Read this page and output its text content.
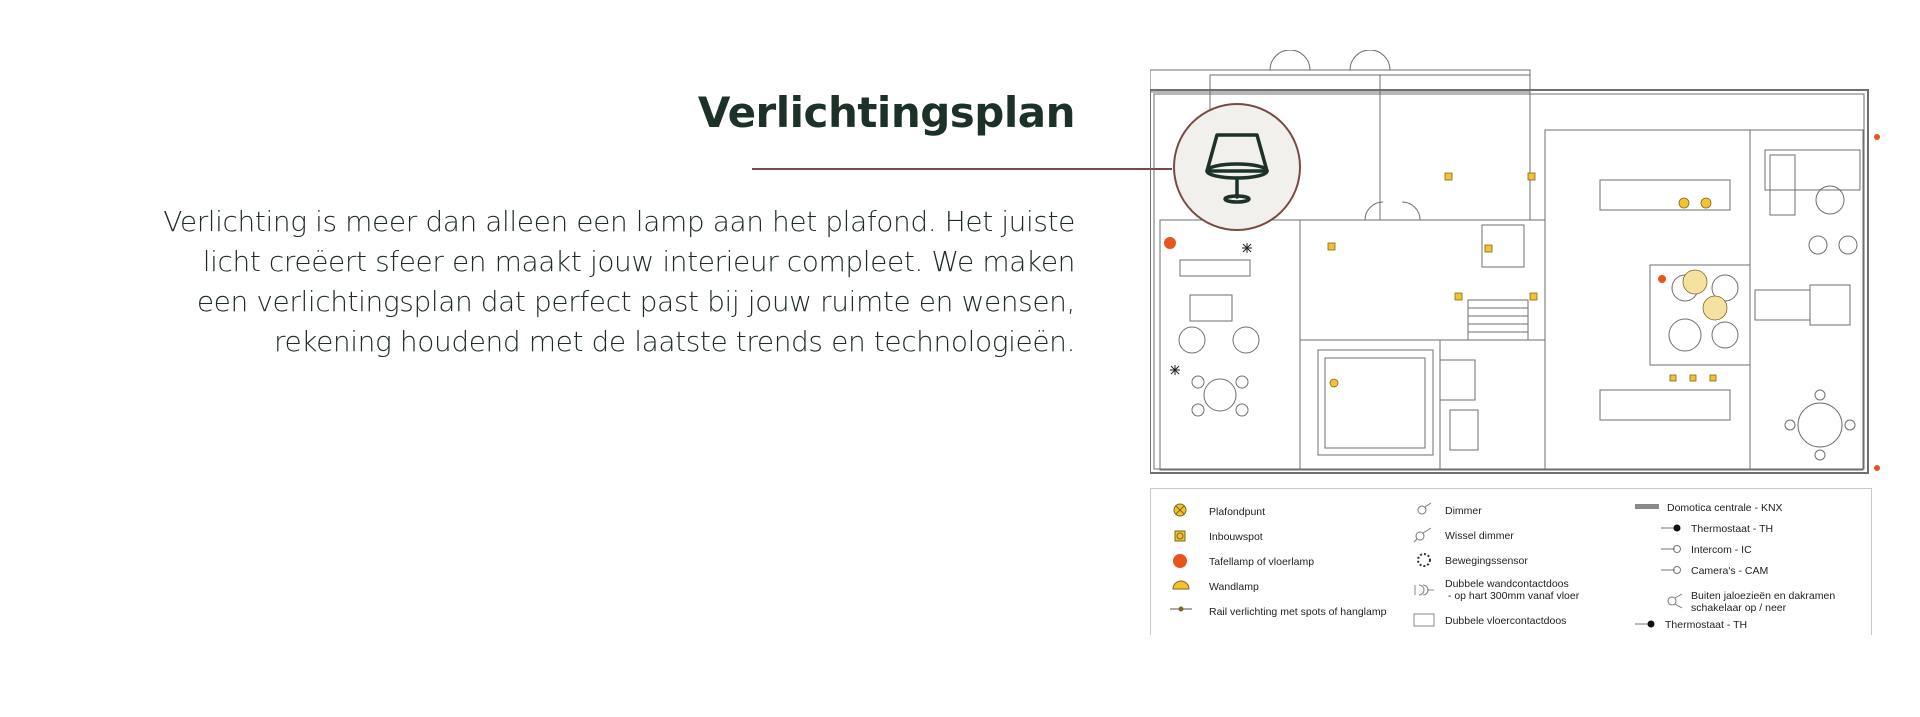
Verlichtingsplan
Verlichting is meer dan alleen een lamp aan het plafond. Het juiste
licht creëert sfeer en maakt jouw interieur compleet. We maken
een verlichtingsplan dat perfect past bij jouw ruimte en wensen,
rekening houdend met de laatste trends en technologieën.
Plafondpunt
Inbouwspot
Tafellamp of vloerlamp
Wandlamp
Rail verlichting met spots of hanglamp
Dimmer
Wissel dimmer
Bewegingssensor
Dubbele wandcontactdoos
- op hart 300mm vanaf vloer
Dubbele vloercontactdoos
Domotica centrale - KNX
Thermostaat - TH
Intercom - IC
Camera's - CAM
Buiten jaloezieën en dakramen
schakelaar op / neer
Thermostaat - TH
